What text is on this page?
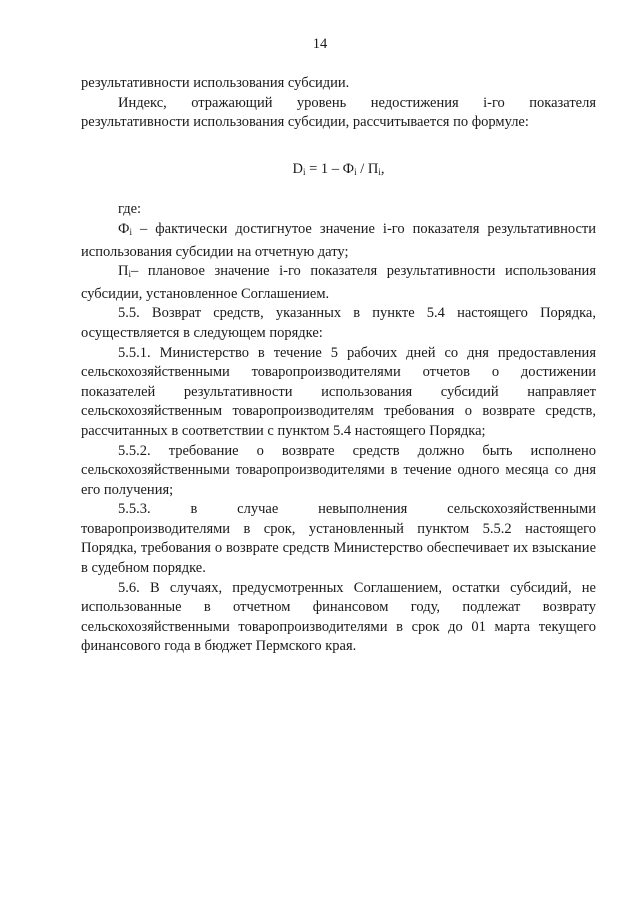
14

результативности использования субсидии.

Индекс, отражающий уровень недостижения i-го показателя результативности использования субсидии, рассчитывается по формуле:

$D_i = 1 - Ф_i / П_i$,

где:

$Ф_i$ – фактически достигнутое значение i-го показателя результативности использования субсидии на отчетную дату;

$П_i-$ плановое значение i-го показателя результативности использования субсидии, установленное Соглашением.

5.5. Возврат средств, указанных в пункте 5.4 настоящего Порядка, осуществляется в следующем порядке:

5.5.1. Министерство в течение 5 рабочих дней со дня предоставления сельскохозяйственными товаропроизводителями отчетов о достижении показателей результативности использования субсидий направляет сельскохозяйственным товаропроизводителям требования о возврате средств, рассчитанных в соответствии с пунктом 5.4 настоящего Порядка;

5.5.2. требование о возврате средств должно быть исполнено сельскохозяйственными товаропроизводителями в течение одного месяца со дня его получения;

5.5.3. в случае невыполнения сельскохозяйственными товаропроизводителями в срок, установленный пунктом 5.5.2 настоящего Порядка, требования о возврате средств Министерство обеспечивает их взыскание в судебном порядке.

5.6. В случаях, предусмотренных Соглашением, остатки субсидий, не использованные в отчетном финансовом году, подлежат возврату сельскохозяйственными товаропроизводителями в срок до 01 марта текущего финансового года в бюджет Пермского края.
